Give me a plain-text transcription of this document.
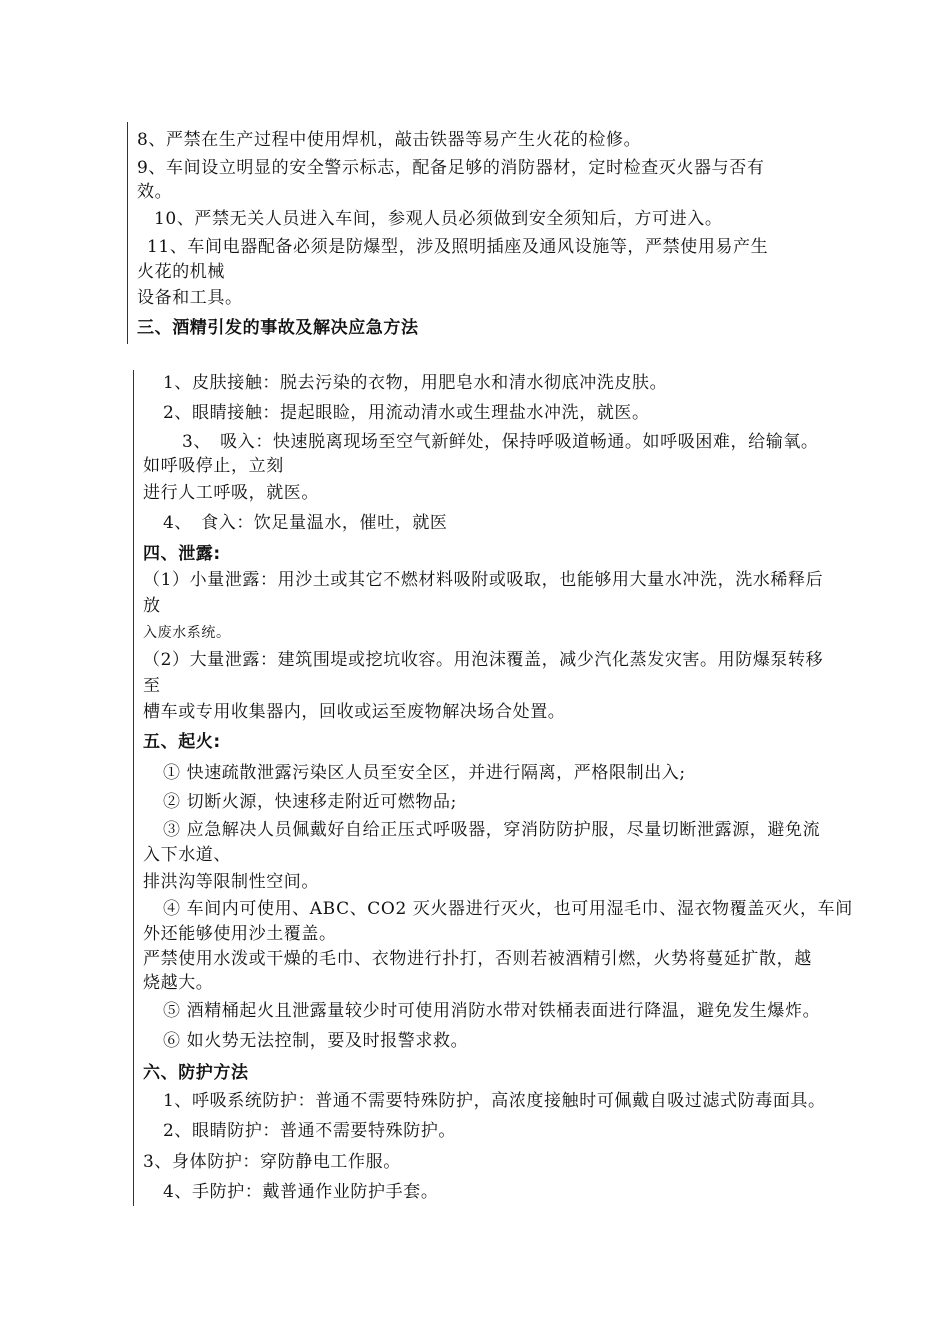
8、严禁在生产过程中使用焊机，敲击铁器等易产生火花的检修。
9、车间设立明显的安全警示标志，配备足够的消防器材，定时检查灭火器与否有
效。
10、严禁无关人员进入车间，参观人员必须做到安全须知后，方可进入。
11、车间电器配备必须是防爆型，涉及照明插座及通风设施等，严禁使用易产生
火花的机械
设备和工具。
三、酒精引发的事故及解决应急方法
1、皮肤接触：脱去污染的衣物，用肥皂水和清水彻底冲洗皮肤。
2、眼睛接触：提起眼睑，用流动清水或生理盐水冲洗，就医。
3、　吸入：快速脱离现场至空气新鲜处，保持呼吸道畅通。如呼吸困难，给输氧。
如呼吸停止，立刻
进行人工呼吸，就医。
4、　食入：饮足量温水，催吐，就医
四、泄露:
（1）小量泄露：用沙土或其它不燃材料吸附或吸取，也能够用大量水冲洗，洗水稀释后
放
入废水系统。
（2）大量泄露：建筑围堤或挖坑收容。用泡沫覆盖，减少汽化蒸发灾害。用防爆泵转移
至
槽车或专用收集器内，回收或运至废物解决场合处置。
五、起火:
① 快速疏散泄露污染区人员至安全区，并进行隔离，严格限制出入;
② 切断火源，快速移走附近可燃物品;
③ 应急解决人员佩戴好自给正压式呼吸器，穿消防防护服，尽量切断泄露源，避免流
入下水道、
排洪沟等限制性空间。
④ 车间内可使用、ABC、CO2 灭火器进行灭火，也可用湿毛巾、湿衣物覆盖灭火，车间
外还能够使用沙土覆盖。
严禁使用水泼或干燥的毛巾、衣物进行扑打，否则若被酒精引燃，火势将蔓延扩散，越
烧越大。
⑤ 酒精桶起火且泄露量较少时可使用消防水带对铁桶表面进行降温，避免发生爆炸。
⑥ 如火势无法控制，要及时报警求救。
六、防护方法
1、呼吸系统防护：普通不需要特殊防护，高浓度接触时可佩戴自吸过滤式防毒面具。
2、眼睛防护：普通不需要特殊防护。
3、身体防护：穿防静电工作服。
4、手防护：戴普通作业防护手套。
